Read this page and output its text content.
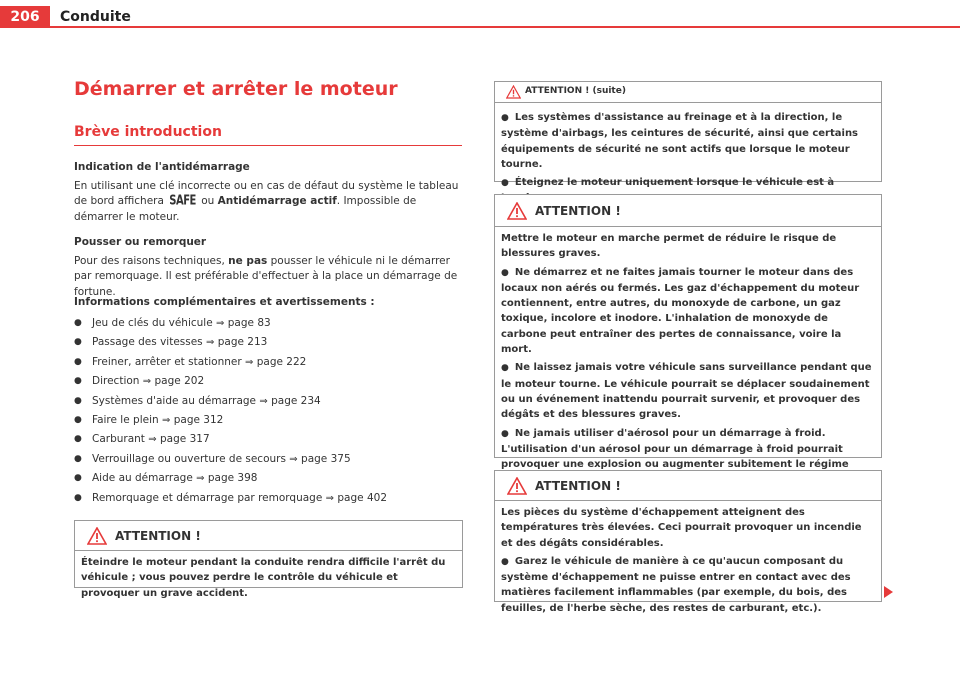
206	Conduite
Démarrer et arrêter le moteur
Brève introduction
Indication de l'antidémarrage
En utilisant une clé incorrecte ou en cas de défaut du système le tableau de bord affichera SAFE ou Antidémarrage actif. Impossible de démarrer le moteur.
Pousser ou remorquer
Pour des raisons techniques, ne pas pousser le véhicule ni le démarrer par remorquage. Il est préférable d'effectuer à la place un démarrage de fortune.
Informations complémentaires et avertissements :
● Jeu de clés du véhicule ⇒ page 83
● Passage des vitesses ⇒ page 213
● Freiner, arrêter et stationner ⇒ page 222
● Direction ⇒ page 202
● Systèmes d'aide au démarrage ⇒ page 234
● Faire le plein ⇒ page 312
● Carburant ⇒ page 317
● Verrouillage ou ouverture de secours ⇒ page 375
● Aide au démarrage ⇒ page 398
● Remorquage et démarrage par remorquage ⇒ page 402
ATTENTION !

Éteindre le moteur pendant la conduite rendra difficile l'arrêt du véhicule ; vous pouvez perdre le contrôle du véhicule et provoquer un grave accident.

ATTENTION ! (suite)

● Les systèmes d'assistance au freinage et à la direction, le système d'airbags, les ceintures de sécurité, ainsi que certains équipements de sécurité ne sont actifs que lorsque le moteur tourne.

● Éteignez le moteur uniquement lorsque le véhicule est à

ATTENTION !

Mettre le moteur en marche permet de réduire le risque de blessures graves.

● Ne démarrez et ne faites jamais tourner le moteur dans des locaux non aérés ou fermés. Les gaz d'échappement du moteur contiennent, entre autres, du monoxyde de carbone, un gaz toxique, incolore et inodore. L'inhalation de monoxyde de carbone peut entraîner des pertes de connaissance, voire la mort.

● Ne laissez jamais votre véhicule sans surveillance pendant que le moteur tourne. Le véhicule pourrait se déplacer soudainement ou un événement inattendu pourrait survenir, et provoquer des dégâts et des blessures graves.

● Ne jamais utiliser d'aérosol pour un démarrage à froid. L'utilisation d'un aérosol pour un démarrage à froid pourrait provoquer une explosion ou augmenter subitement le régime

ATTENTION !

Les pièces du système d'échappement atteignent des températures très élevées. Ceci pourrait provoquer un incendie et des dégâts considérables.

● Garez le véhicule de manière à ce qu'aucun composant du système d'échappement ne puisse entrer en contact avec des matières facilement inflammables (par exemple, du bois, des feuilles, de l'herbe sèche, des restes de carburant, etc.).
